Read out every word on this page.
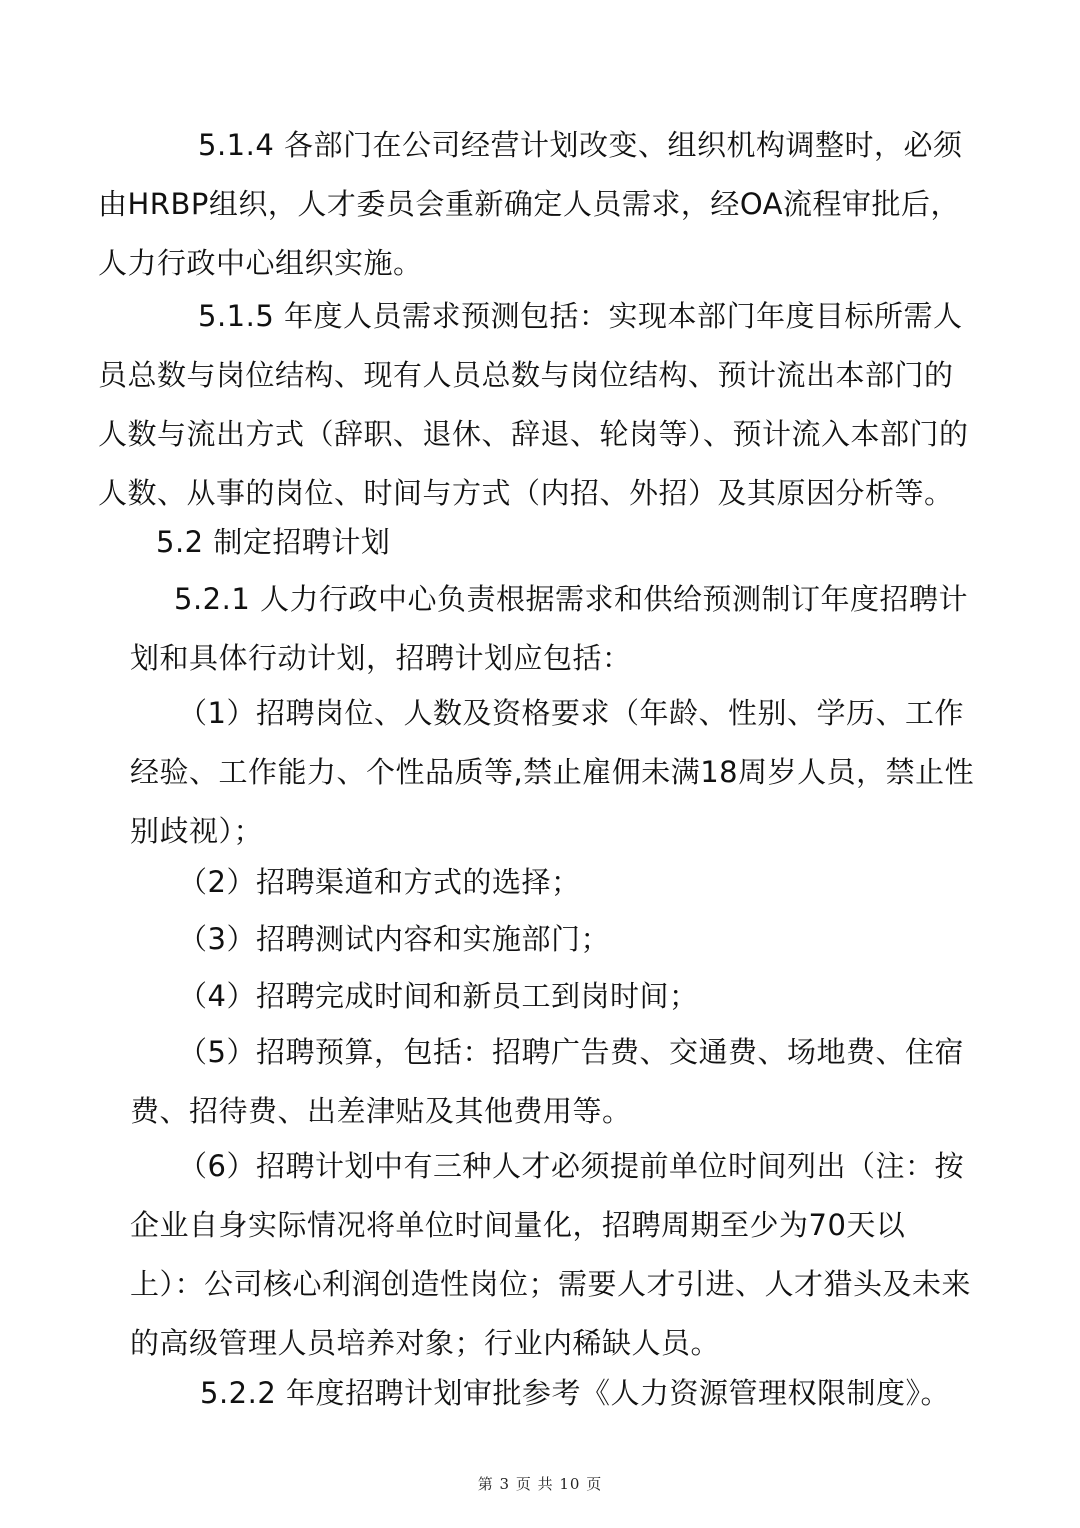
5.1.4 各部门在公司经营计划改变、组织机构调整时，必须由HRBP组织，人才委员会重新确定人员需求，经OA流程审批后，人力行政中心组织实施。

5.1.5 年度人员需求预测包括：实现本部门年度目标所需人员总数与岗位结构、现有人员总数与岗位结构、预计流出本部门的人数与流出方式（辞职、退休、辞退、轮岗等）、预计流入本部门的人数、从事的岗位、时间与方式（内招、外招）及其原因分析等。

5.2 制定招聘计划

5.2.1 人力行政中心负责根据需求和供给预测制订年度招聘计划和具体行动计划，招聘计划应包括：

（1）招聘岗位、人数及资格要求（年龄、性别、学历、工作经验、工作能力、个性品质等,禁止雇佣未满18周岁人员，禁止性别歧视）；

（2）招聘渠道和方式的选择；

（3）招聘测试内容和实施部门；

（4）招聘完成时间和新员工到岗时间；

（5）招聘预算，包括：招聘广告费、交通费、场地费、住宿费、招待费、出差津贴及其他费用等。

（6）招聘计划中有三种人才必须提前单位时间列出（注：按企业自身实际情况将单位时间量化，招聘周期至少为70天以上）：公司核心利润创造性岗位；需要人才引进、人才猎头及未来的高级管理人员培养对象；行业内稀缺人员。

5.2.2 年度招聘计划审批参考《人力资源管理权限制度》。

第 3 页 共 10 页
